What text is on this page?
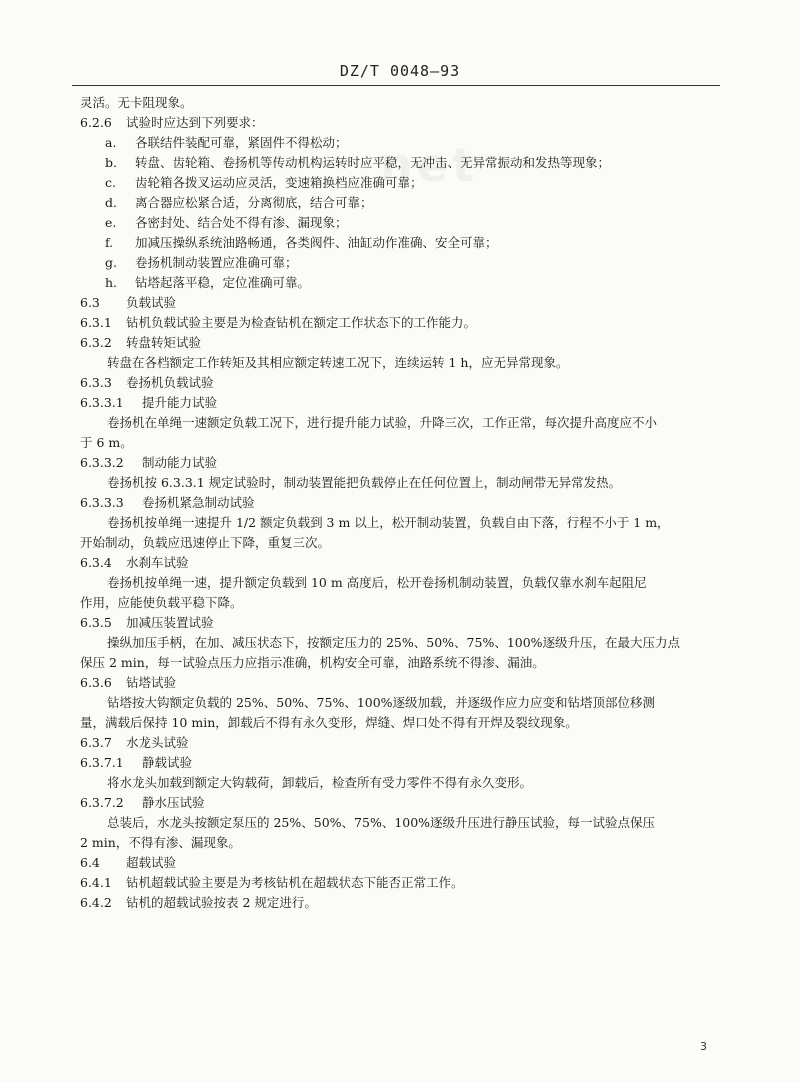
DZ/T 0048—93
net
灵活。无卡阻现象。
6.2.6 试验时应达到下列要求：
a. 各联结件装配可靠，紧固件不得松动；
b. 转盘、齿轮箱、卷扬机等传动机构运转时应平稳，无冲击、无异常振动和发热等现象；
c. 齿轮箱各拨叉运动应灵活，变速箱换档应准确可靠；
d. 离合器应松紧合适，分离彻底，结合可靠；
e. 各密封处、结合处不得有渗、漏现象；
f. 加减压操纵系统油路畅通，各类阀件、油缸动作准确、安全可靠；
g. 卷扬机制动装置应准确可靠；
h. 钻塔起落平稳，定位准确可靠。
6.3 负载试验
6.3.1 钻机负载试验主要是为检查钻机在额定工作状态下的工作能力。
6.3.2 转盘转矩试验
转盘在各档额定工作转矩及其相应额定转速工况下，连续运转 1 h，应无异常现象。
6.3.3 卷扬机负载试验
6.3.3.1 提升能力试验
卷扬机在单绳一速额定负载工况下，进行提升能力试验，升降三次，工作正常，每次提升高度应不小
于 6 m。
6.3.3.2 制动能力试验
卷扬机按 6.3.3.1 规定试验时，制动装置能把负载停止在任何位置上，制动闸带无异常发热。
6.3.3.3 卷扬机紧急制动试验
卷扬机按单绳一速提升 1/2 额定负载到 3 m 以上，松开制动装置，负载自由下落，行程不小于 1 m，
开始制动，负载应迅速停止下降，重复三次。
6.3.4 水刹车试验
卷扬机按单绳一速，提升额定负载到 10 m 高度后，松开卷扬机制动装置，负载仅靠水刹车起阻尼
作用，应能使负载平稳下降。
6.3.5 加减压装置试验
操纵加压手柄，在加、减压状态下，按额定压力的 25%、50%、75%、100%逐级升压，在最大压力点
保压 2 min，每一试验点压力应指示准确，机构安全可靠，油路系统不得渗、漏油。
6.3.6 钻塔试验
钻塔按大钩额定负载的 25%、50%、75%、100%逐级加载，并逐级作应力应变和钻塔顶部位移测
量，满载后保持 10 min，卸载后不得有永久变形，焊缝、焊口处不得有开焊及裂纹现象。
6.3.7 水龙头试验
6.3.7.1 静载试验
将水龙头加载到额定大钩载荷，卸载后，检查所有受力零件不得有永久变形。
6.3.7.2 静水压试验
总装后，水龙头按额定泵压的 25%、50%、75%、100%逐级升压进行静压试验，每一试验点保压
2 min，不得有渗、漏现象。
6.4 超载试验
6.4.1 钻机超载试验主要是为考核钻机在超载状态下能否正常工作。
6.4.2 钻机的超载试验按表 2 规定进行。
3
